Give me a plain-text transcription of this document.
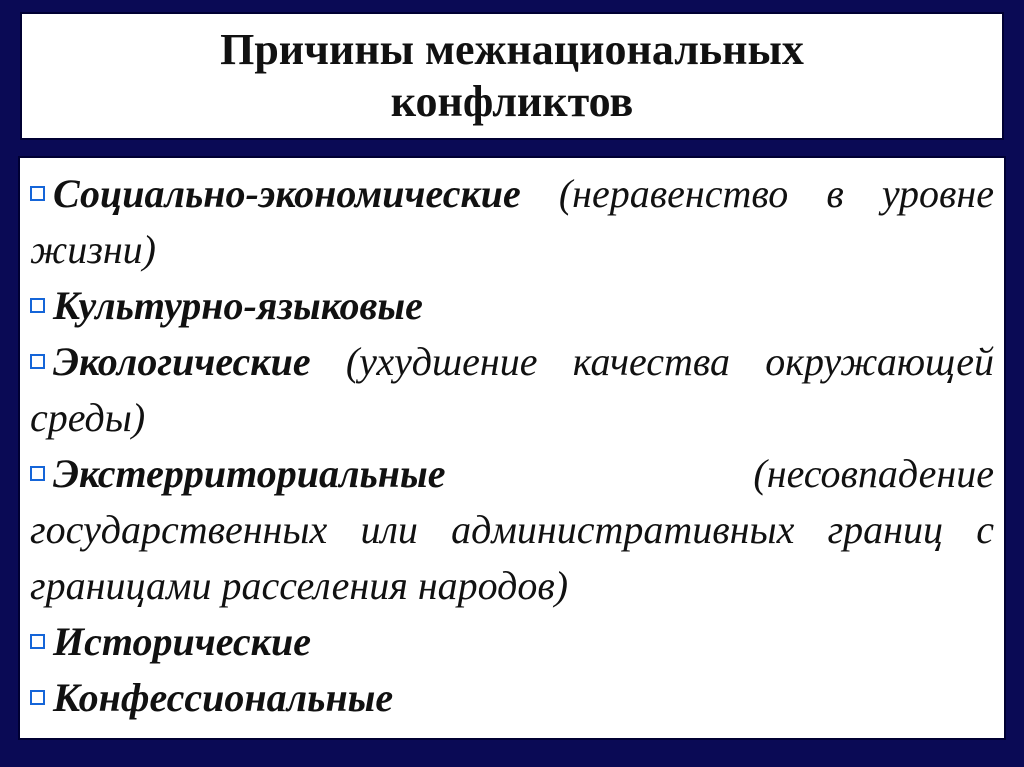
Причины межнациональных конфликтов
Социально-экономические (неравенство в уровне жизни)
Культурно-языковые
Экологические (ухудшение качества окружающей среды)
Экстерриториальные	(несовпадение государственных или административных границ с границами расселения народов)
Исторические
Конфессиональные
